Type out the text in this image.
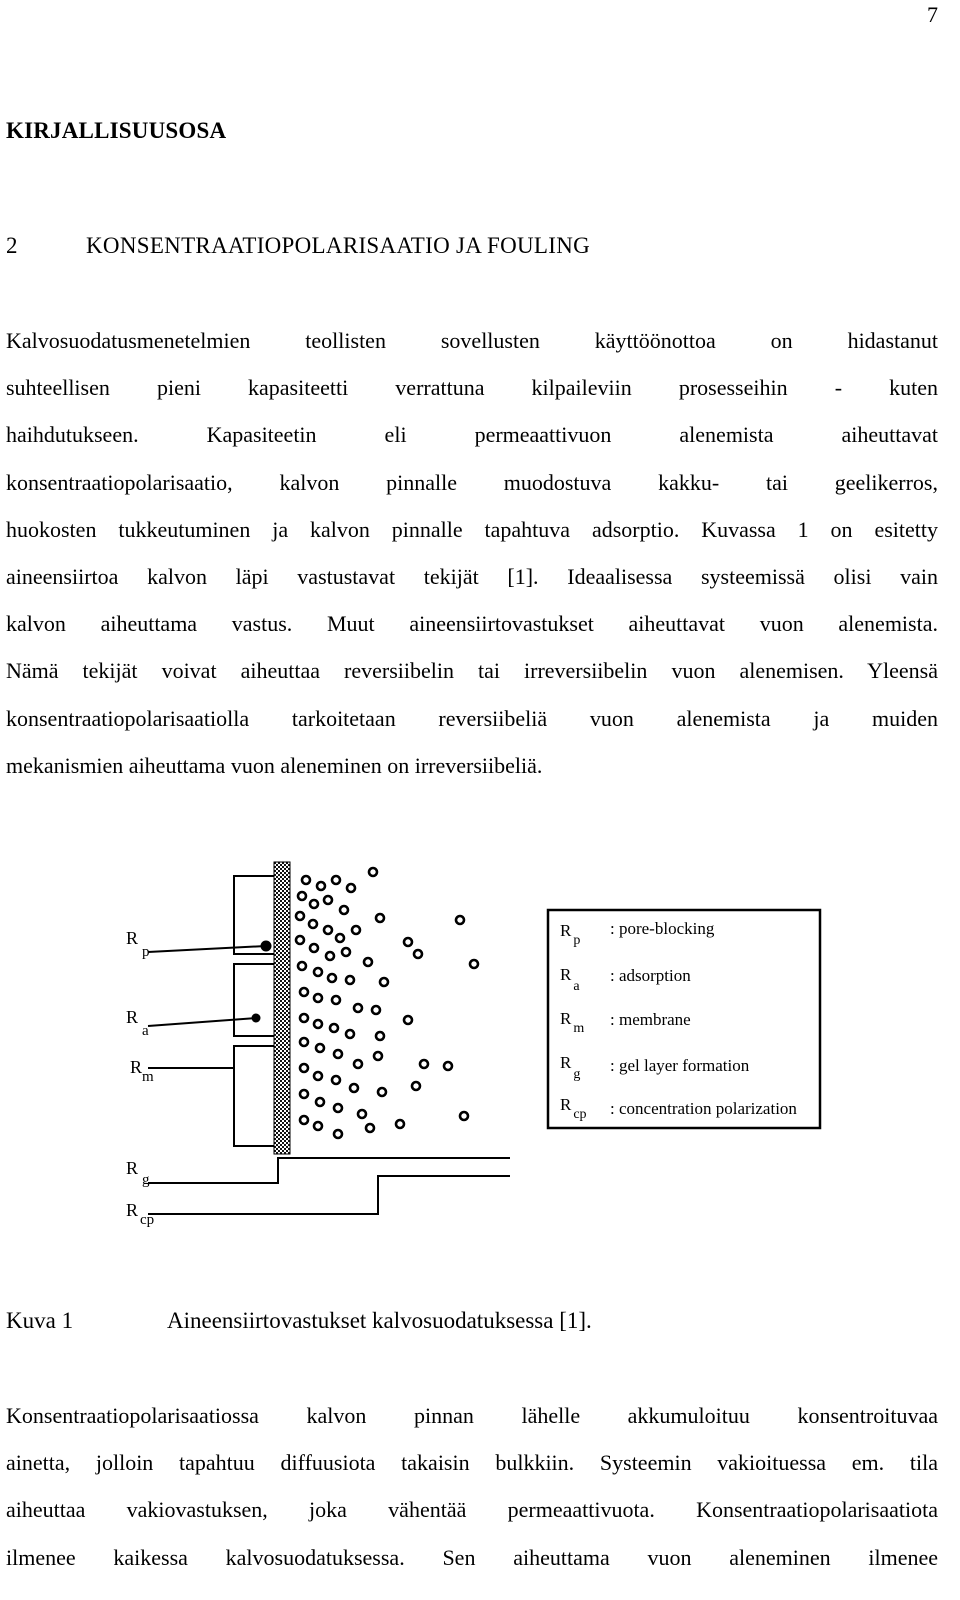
7
KIRJALLISUUSOSA
2	KONSENTRAATIOPOLARISAATIO JA FOULING
Kalvosuodatusmenetelmien teollisten sovellusten käyttöönottoa on hidastanut
suhteellisen pieni kapasiteetti verrattuna kilpaileviin prosesseihin - kuten
haihdutukseen. Kapasiteetin eli permeaattivuon alenemista aiheuttavat
konsentraatiopolarisaatio, kalvon pinnalle muodostuva kakku- tai geelikerros,
huokosten tukkeutuminen ja kalvon pinnalle tapahtuva adsorptio. Kuvassa 1 on esitetty
aineensiirtoa kalvon läpi vastustavat tekijät [1]. Ideaalisessa systeemissä olisi vain
kalvon aiheuttama vastus. Muut aineensiirtovastukset aiheuttavat vuon alenemista.
Nämä tekijät voivat aiheuttaa reversiibelin tai irreversiibelin vuon alenemisen. Yleensä
konsentraatiopolarisaatiolla tarkoitetaan reversiibeliä vuon alenemista ja muiden
mekanismien aiheuttama vuon aleneminen on irreversiibeliä.
$R_p$
$R_a$
$R_m$
$R_g$
R $_{cp}$
$R_p$
: pore-blocking
$R_a$
: adsorption
$R_m$ : membrane
$R_g$ : gel layer formation
$R_{cp}$ : concentration polarization
Kuva 1	Aineensiirtovastukset kalvosuodatuksessa [1].
Konsentraatiopolarisaatiossa kalvon pinnan lähelle akkumuloituu konsentroituvaa
ainetta, jolloin tapahtuu diffuusiota takaisin bulkkiin. Systeemin vakioituessa em. tila
aiheuttaa vakiovastuksen, joka vähentää permeaattivuota. Konsentraatiopolarisaatiota
ilmenee kaikessa kalvosuodatuksessa. Sen aiheuttama vuon aleneminen ilmenee
